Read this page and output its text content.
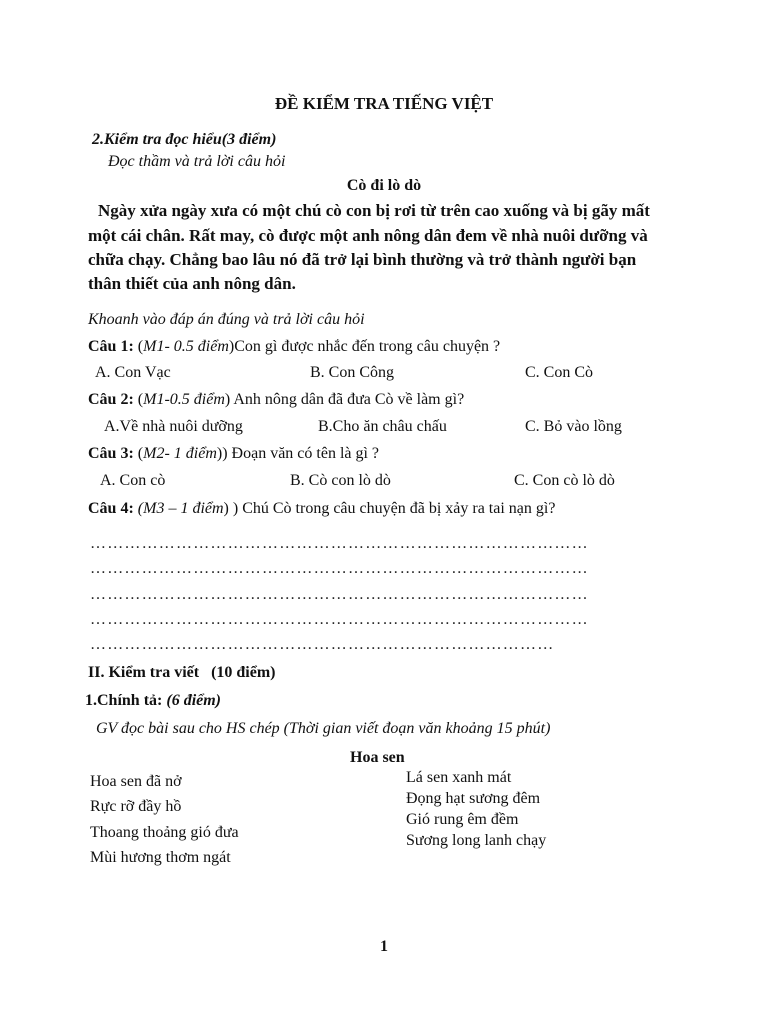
ĐỀ KIỂM TRA TIẾNG VIỆT
2.Kiểm tra đọc hiểu(3 điểm)
Đọc thầm và trả lời câu hỏi
Cò đi lò dò
Ngày xửa ngày xưa có một chú cò con bị rơi từ trên cao xuống và bị gãy mất
một cái chân. Rất may, cò được một anh nông dân đem về nhà nuôi dưỡng và
chữa chạy. Chẳng bao lâu nó đã trở lại bình thường và trở thành người bạn
thân thiết của anh nông dân.
Khoanh vào đáp án đúng và trả lời câu hỏi
Câu 1: (M1- 0.5 điểm)Con gì được nhắc đến trong câu chuyện ?
A. Con Vạc	B. Con Công	C. Con Cò
Câu 2: (M1-0.5 điểm) Anh nông dân đã đưa Cò về làm gì?
A.Về nhà nuôi dưỡng	B.Cho ăn châu chấu	C. Bỏ vào lồng
Câu 3: (M2- 1 điểm)) Đoạn văn có tên là gì ?
A. Con cò	B. Cò con lò dò	C. Con cò lò dò
Câu 4: (M3 – 1 điểm) ) Chú Cò trong câu chuyện đã bị xảy ra tai nạn gì?
……………………………………………………………………………
……………………………………………………………………………
……………………………………………………………………………
……………………………………………………………………………
………………………………………………………………………
II. Kiểm tra viết   (10 điểm)
1.Chính tả: (6 điểm)
GV đọc bài sau cho HS chép (Thời gian viết đoạn văn khoảng 15 phút)
Hoa sen
Hoa sen đã nở
Rực rỡ đầy hồ
Thoang thoảng gió đưa
Mùi hương thơm ngát
Lá sen xanh mát
Đọng hạt sương đêm
Gió rung êm đềm
Sương long lanh chạy
1
